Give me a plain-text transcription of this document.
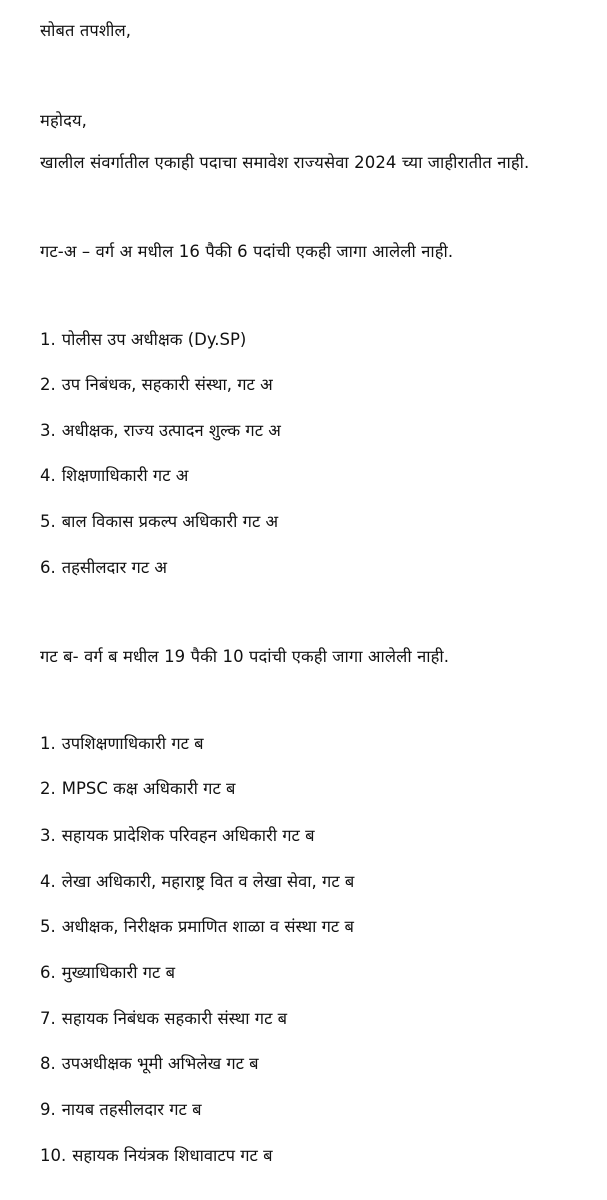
सोबत तपशील,
महोदय,
खालील संवर्गातील एकाही पदाचा समावेश राज्यसेवा 2024 च्या जाहीरातीत नाही.
गट-अ – वर्ग अ मधील 16 पैकी 6 पदांची एकही जागा आलेली नाही.
1. पोलीस उप अधीक्षक (Dy.SP)
2. उप निबंधक, सहकारी संस्था, गट अ
3. अधीक्षक, राज्य उत्पादन शुल्क गट अ
4. शिक्षणाधिकारी गट अ
5. बाल विकास प्रकल्प अधिकारी गट अ
6. तहसीलदार गट अ
गट ब- वर्ग ब मधील 19 पैकी 10 पदांची एकही जागा आलेली नाही.
1. उपशिक्षणाधिकारी गट ब
2. MPSC कक्ष अधिकारी गट ब
3. सहायक प्रादेशिक परिवहन अधिकारी गट ब
4. लेखा अधिकारी, महाराष्ट्र वित व लेखा सेवा, गट ब
5. अधीक्षक, निरीक्षक प्रमाणित शाळा व संस्था गट ब
6. मुख्याधिकारी गट ब
7. सहायक निबंधक सहकारी संस्था गट ब
8. उपअधीक्षक भूमी अभिलेख गट ब
9. नायब तहसीलदार गट ब
10. सहायक नियंत्रक शिधावाटप गट ब
